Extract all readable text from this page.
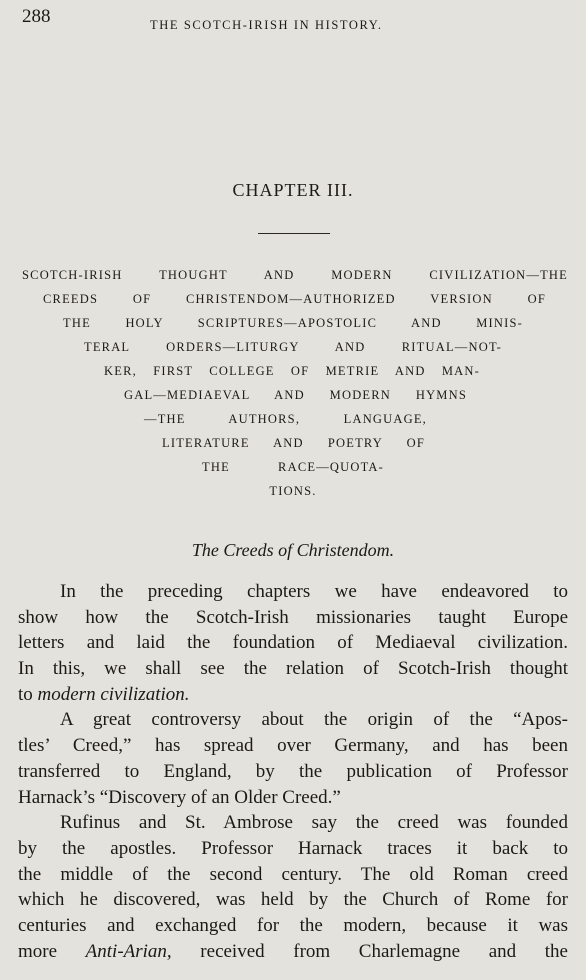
288	THE SCOTCH-IRISH IN HISTORY.
CHAPTER III.
SCOTCH-IRISH THOUGHT AND MODERN CIVILIZATION—THE
CREEDS OF CHRISTENDOM—AUTHORIZED VERSION OF
THE HOLY SCRIPTURES—APOSTOLIC AND MINIS-
TERAL ORDERS—LITURGY AND RITUAL—NOT-
KER, FIRST COLLEGE OF METRIE AND MAN-
GAL—MEDIAEVAL AND MODERN HYMNS
—THE AUTHORS, LANGUAGE,
LITERATURE AND POETRY OF
THE RACE—QUOTA-
TIONS.
The Creeds of Christendom.
In the preceding chapters we have endeavored to
show how the Scotch-Irish missionaries taught Europe
letters and laid the foundation of Mediaeval civilization.
In this, we shall see the relation of Scotch-Irish thought
to modern civilization.
A great controversy about the origin of the “Apos-
tles’ Creed,” has spread over Germany, and has been
transferred to England, by the publication of Professor
Harnack’s “Discovery of an Older Creed.”
Rufinus and St. Ambrose say the creed was founded
by the apostles. Professor Harnack traces it back to
the middle of the second century. The old Roman creed
which he discovered, was held by the Church of Rome for
centuries and exchanged for the modern, because it was
more Anti-Arian, received from Charlemagne and the
